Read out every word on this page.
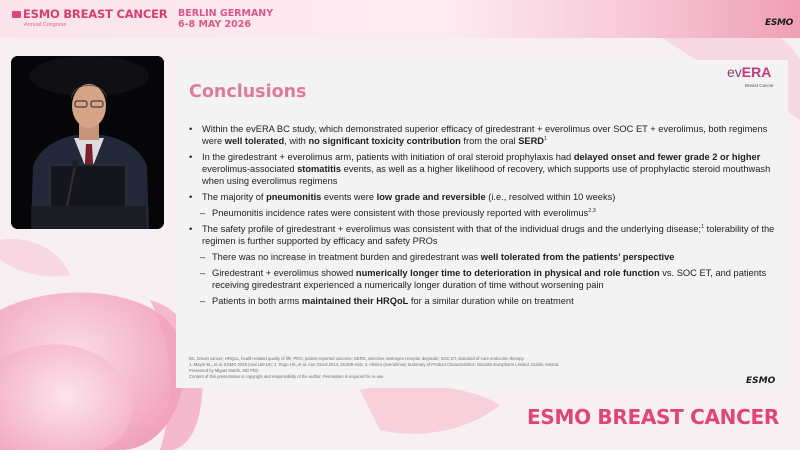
ESMO BREAST CANCER
Annual Congress
BERLIN GERMANY
6-8 MAY 2026	ESMO
Conclusions
evERA
Breast Cancer
• Within the evERA BC study, which demonstrated superior efficacy of giredestrant + everolimus over SOC ET + everolimus, both regimens were well tolerated, with no significant toxicity contribution from the oral SERD$^1$
• In the giredestrant + everolimus arm, patients with initiation of oral steroid prophylaxis had delayed onset and fewer grade 2 or higher everolimus-associated stomatitis events, as well as a higher likelihood of recovery, which supports use of prophylactic steroid mouthwash when using everolimus regimens
• The majority of pneumonitis events were low grade and reversible (i.e., resolved within 10 weeks)
– Pneumonitis incidence rates were consistent with those previously reported with everolimus$^{2,3}$
• The safety profile of giredestrant + everolimus was consistent with that of the individual drugs and the underlying disease;$^1$ tolerability of the regimen is further supported by efficacy and safety PROs
– There was no increase in treatment burden and giredestrant was well tolerated from the patients’ perspective
– Giredestrant + everolimus showed numerically longer time to deterioration in physical and role function vs. SOC ET, and patients receiving giredestrant experienced a numerically longer duration of time without worsening pain
– Patients in both arms maintained their HRQoL for a similar duration while on treatment
BC, breast cancer; HRQoL, health-related quality of life; PRO, patient-reported outcome; SERD, selective oestrogen receptor degrader; SOC ET, standard-of-care endocrine therapy.
1. Mayer EL, et al. ESMO 2025 (oral LBA18); 2. Rugo HS, et al. Ann Oncol 2014; 25:808–815; 3. Afinitor (everolimus) Summary of Product Characteristics. Novartis Europharm Limited. Dublin, Ireland.
Presented by Miguel Martín, MD PhD
Content of this presentation is copyright and responsibility of the author. Permission is required for re-use.	ESMO
ESMO BREAST CANCER
